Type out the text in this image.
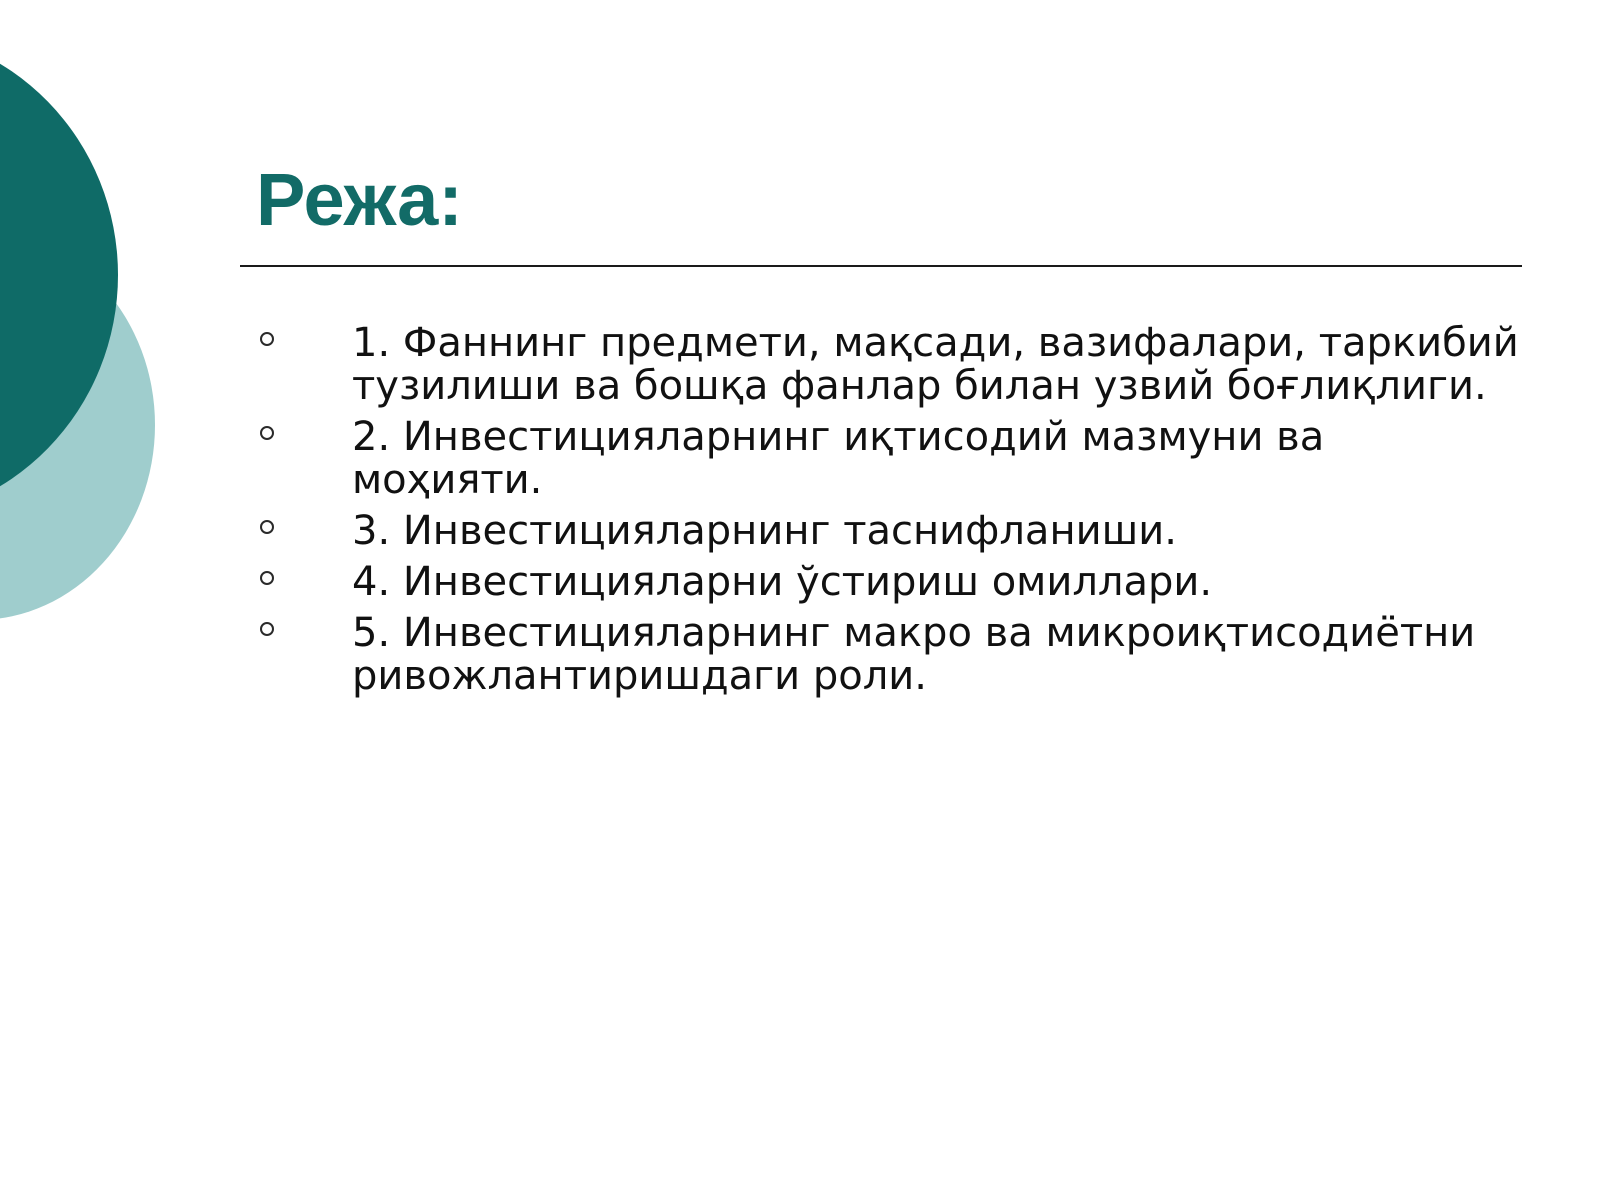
Режа:
1. Фаннинг предмети, мақсади, вазифалари, таркибий тузилиши ва бошқа фанлар билан узвий боғлиқлиги.
2. Инвестицияларнинг иқтисодий мазмуни ва моҳияти.
3. Инвестицияларнинг таснифланиши.
4. Инвестицияларни ўстириш омиллари.
5. Инвестицияларнинг макро ва микроиқтисодиётни ривожлантиришдаги роли.
